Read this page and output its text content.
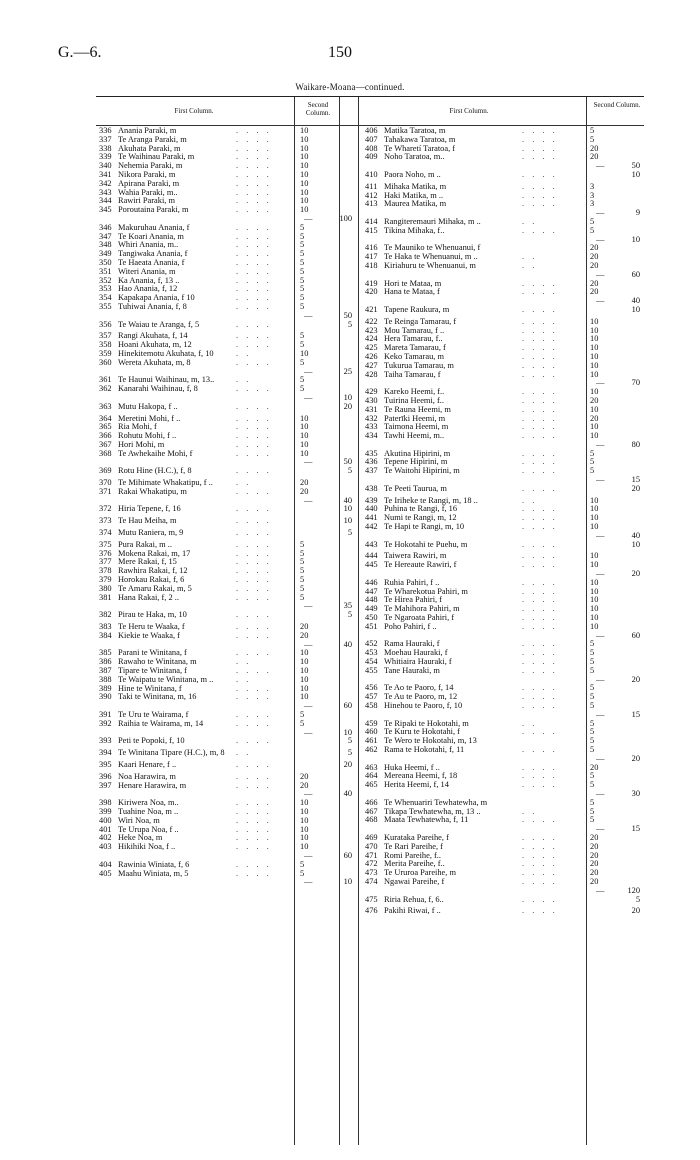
G.—6.	150
Waikare-Moana—continued.
First Column.
Second Column.
336 Anania Paraki, m	. . . .	10
337 Te Aranga Paraki, m	. . . .	10
338 Akuhata Paraki, m	. . . .	10
339 Te Waihinau Paraki, m	. . . .	10
340 Nehemia Paraki, m	. . . .	10
341 Nikora Paraki, m	. . . .	10
342 Apirana Paraki, m	. . . .	10
343 Wahia Paraki, m..	. . . .	10
344 Rawiri Paraki, m	. . . .	10
345 Poroutaina Paraki, m	. . . .	10
—	100
346 Makuruhau Anania, f	. . . .	5
347 Te Koari Anania, m	. . . .	5
348 Whiri Anania, m..	. . . .	5
349 Tangiwaka Anania, f	. . . .	5
350 Te Haeata Anania, f	. . . .	5
351 Witeri Anania, m	. . . .	5
352 Ka Anania, f, 13 ..	. . . .	5
353 Hao Anania, f, 12	. . . .	5
354 Kapakapa Anania, f 10	. . . .	5
355 Tuhiwai Anania, f, 8	. . . .	5
—	50
356 Te Waiau te Aranga, f, 5	. . . .	5
357 Rangi Akuhata, f, 14	. . . .	5
358 Hoani Akuhata, m, 12	. . . .	5
359 Hinekitemotu Akuhata, f, 10	. .	10
360 Wereta Akuhata, m, 8	. . . .	5
—	25
361 Te Haunui Waihinau, m, 13..	. .	5
362 Kanarahi Waihinau, f, 8	. . . .	5
—	10
363 Mutu Hakopa, f ..	. . . .	20
364 Meretini Mohi, f ..	. . . .	10
365 Ria Mohi, f	. . . .	10
366 Rohutu Mohi, f ..	. . . .	10
367 Hori Mohi, m	. . . .	10
368 Te Awhekaihe Mohi, f	. . . .	10
—	50
369 Rotu Hine (H.C.), f, 8	. . . .	5
370 Te Mihimate Whakatipu, f ..	. .	20
371 Rakai Whakatipu, m	. . . .	20
—	40
372 Hiria Tepene, f, 16	. . . .	10
373 Te Hau Meiha, m	. . . .	10
374 Mutu Raniera, m, 9	. . . .	5
375 Pura Rakai, m ..	. . . .	5
376 Mokena Rakai, m, 17	. . . .	5
377 Mere Rakai, f, 15	. . . .	5
378 Rawhira Rakai, f, 12	. . . .	5
379 Horokau Rakai, f, 6	. . . .	5
380 Te Amaru Rakai, m, 5	. . . .	5
381 Hana Rakai, f, 2 ..	. . . .	5
—	35
382 Pirau te Haka, m, 10	. . . .	5
383 Te Heru te Waaka, f	. . . .	20
384 Kiekie te Waaka, f	. . . .	20
—	40
385 Parani te Winitana, f	. . . .	10
386 Rawaho te Winitana, m	. .	10
387 Tipare te Winitana, f	. . . .	10
388 Te Waipatu te Winitana, m ..	. .	10
389 Hine te Winitana, f	. . . .	10
390 Taki te Winitana, m, 16	. . . .	10
—	60
391 Te Uru te Wairama, f	. . . .	5
392 Raihia te Wairama, m, 14	. . . .	5
—	10
393 Peti te Popoki, f, 10	. . . .	5
394 Te Winitana Tipare (H.C.), m, 8 . .	5
395 Kaari Henare, f ..	. . . .	20
396 Noa Harawira, m	. . . .	20
397 Henare Harawira, m	. . . .	20
—	40
398 Kiriwera Noa, m..	. . . .	10
399 Tuahine Noa, m ..	. . . .	10
400 Wiri Noa, m	. . . .	10
401 Te Urupa Noa, f ..	. . . .	10
402 Heke Noa, m	. . . .	10
403 Hikihiki Noa, f ..	. . . .	10
—	60
404 Rawinia Winiata, f, 6	. . . .	5
405 Maahu Winiata, m, 5	. . . .	5
—	10
First Column.
Second Column.
406 Matika Taratoa, m	. . . .	5
407 Tahakawa Taratoa, m	. . . .	5
408 Te Wharetí Taratoa, f	. . . .	20
409 Noho Taratoa, m..	. . . .	20
—	50
410 Paora Noho, m ..	. . . .	10
411 Mihaka Matika, m	. . . .	3
412 Haki Matika, m ..	. . . .	3
413 Maurea Matika, m	. . . .	3
—	9
414 Rangiteremauri Mihaka, m ..	. .	5
415 Tikina Mihaka, f..	. . . .	5
—	10
416 Te Mauniko te Whenuanui, f	20
417 Te Haka te Whenuanui, m ..	. .	20
418 Kiriahuru te Whenuanui, m	. .	20
—	60
419 Hori te Mataa, m	. . . .	20
420 Hana te Mataa, f	. . . .	20
—	40
421 Tapene Raukura, m	. . . .	10
422 Te Reinga Tamarau, f	. . . .	10
423 Mou Tamarau, f ..	. . . .	10
424 Hera Tamarau, f..	. . . .	10
425 Mareta Tamarau, f	. . . .	10
426 Keko Tamarau, m	. . . .	10
427 Tukurua Tamarau, m	. . . .	10
428 Taiha Tamarau, f	. . . .	10
—	70
429 Kareko Heemi, f..	. . . .	10
430 Tuirina Heemi, f..	. . . .	20
431 Te Rauna Heemi, m	. . . .	10
432 Paterīki Heemi, m	. . . .	20
433 Taimona Heemi, m	. . . .	10
434 Tawhi Heemi, m..	. . . .	10
—	80
435 Akutina Hipirini, m	. . . .	5
436 Tepene Hipirini, m	. . . .	5
437 Te Waitohi Hipirini, m	. . . .	5
—	15
438 Te Peeti Taurua, m	. . . .	20
439 Te Iriheke te Rangi, m, 18 ..	. .	10
440 Puhina te Rangi, f, 16	. . . .	10
441 Numi te Rangi, m, 12	. . . .	10
442 Te Hapi te Rangi, m, 10	. . . .	10
—	40
443 Te Hokotahi te Puehu, m	. . . .	10
444 Taiwera Rawiri, m	. . . .	10
445 Te Hereaute Rawiri, f	. . . .	10
—	20
446 Ruhia Pahiri, f ..	. . . .	10
447 Te Wharekotua Pahiri, m	. . . .	10
448 Te Hirea Pahiri, f	. . . .	10
449 Te Mahihora Pahiri, m	. . . .	10
450 Te Ngaroata Pahiri, f	. . . .	10
451 Poho Pahiri, f ..	. . . .	10
—	60
452 Rama Hauraki, f	. . . .	5
453 Moehau Hauraki, f	. . . .	5
454 Whitiaira Hauraki, f	. . . .	5
455 Tane Hauraki, m	. . . .	5
—	20
456 Te Ao te Paoro, f, 14	. . . .	5
457 Te Au te Paoro, m, 12	. . . .	5
458 Hinehou te Paoro, f, 10	. . . .	5
—	15
459 Te Ripaki te Hokotahi, m	. .	5
460 Te Kuru te Hokotahi, f	. . . .	5
461 Te Wero te Hokotahi, m, 13	5
462 Rama te Hokotahi, f, 11	. . . .	5
—	20
463 Huka Heemi, f ..	. . . .	20
464 Mereana Heemi, f, 18	. . . .	5
465 Herita Heemi, f, 14	. . . .	5
—	30
466 Te Whenuariri Tewhatewha, m	5
467 Tikapa Tewhatewha, m, 13 ..	. .	5
468 Maata Tewhatewha, f, 11	. . . .	5
—	15
469 Kurataka Pareihe, f	. . . .	20
470 Te Rari Pareihe, f	. . . .	20
471 Romi Pareihe, f..	. . . .	20
472 Merita Pareihe, f..	. . . .	20
473 Te Ururoa Pareihe, m	. . . .	20
474 Ngawai Pareihe, f	. . . .	20
—	120
475 Riria Rehua, f, 6..	. . . .	5
476 Pakihi Riwai, f ..	. . . .	20
